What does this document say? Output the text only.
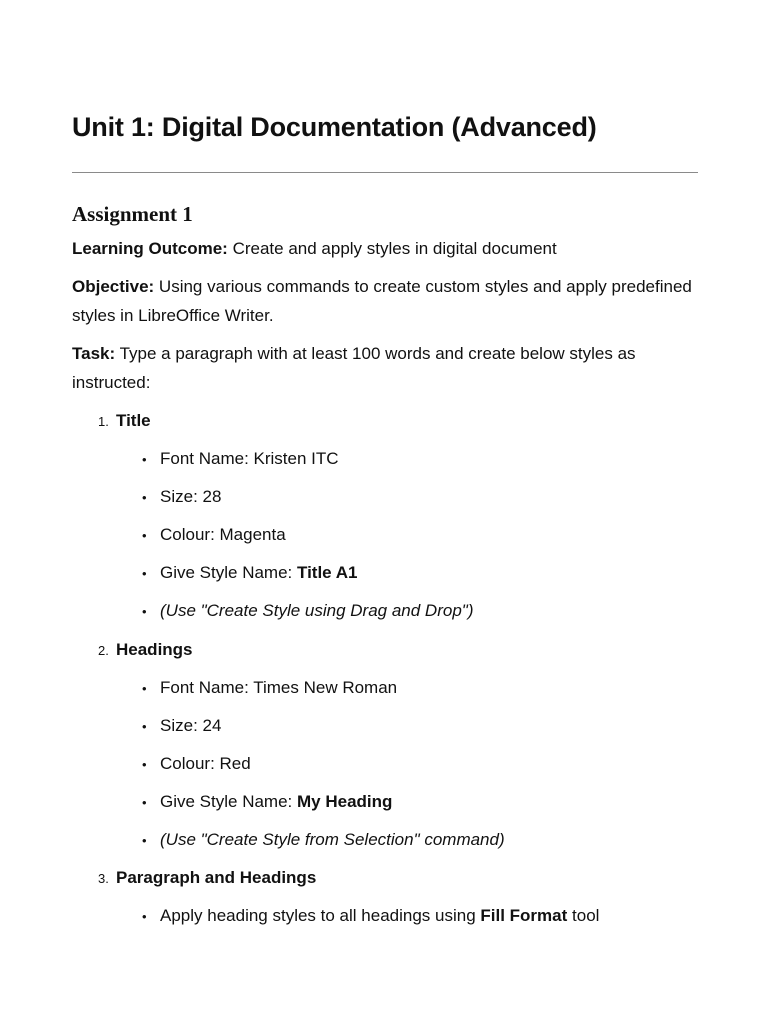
Unit 1: Digital Documentation (Advanced)
Assignment 1

Learning Outcome: Create and apply styles in digital document

Objective: Using various commands to create custom styles and apply predefined styles in LibreOffice Writer.

Task: Type a paragraph with at least 100 words and create below styles as instructed:

1. Title
• Font Name: Kristen ITC
• Size: 28
• Colour: Magenta
• Give Style Name: Title A1
• (Use "Create Style using Drag and Drop")
2. Headings
• Font Name: Times New Roman
• Size: 24
• Colour: Red
• Give Style Name: My Heading
• (Use "Create Style from Selection" command)
3. Paragraph and Headings
• Apply heading styles to all headings using Fill Format tool
